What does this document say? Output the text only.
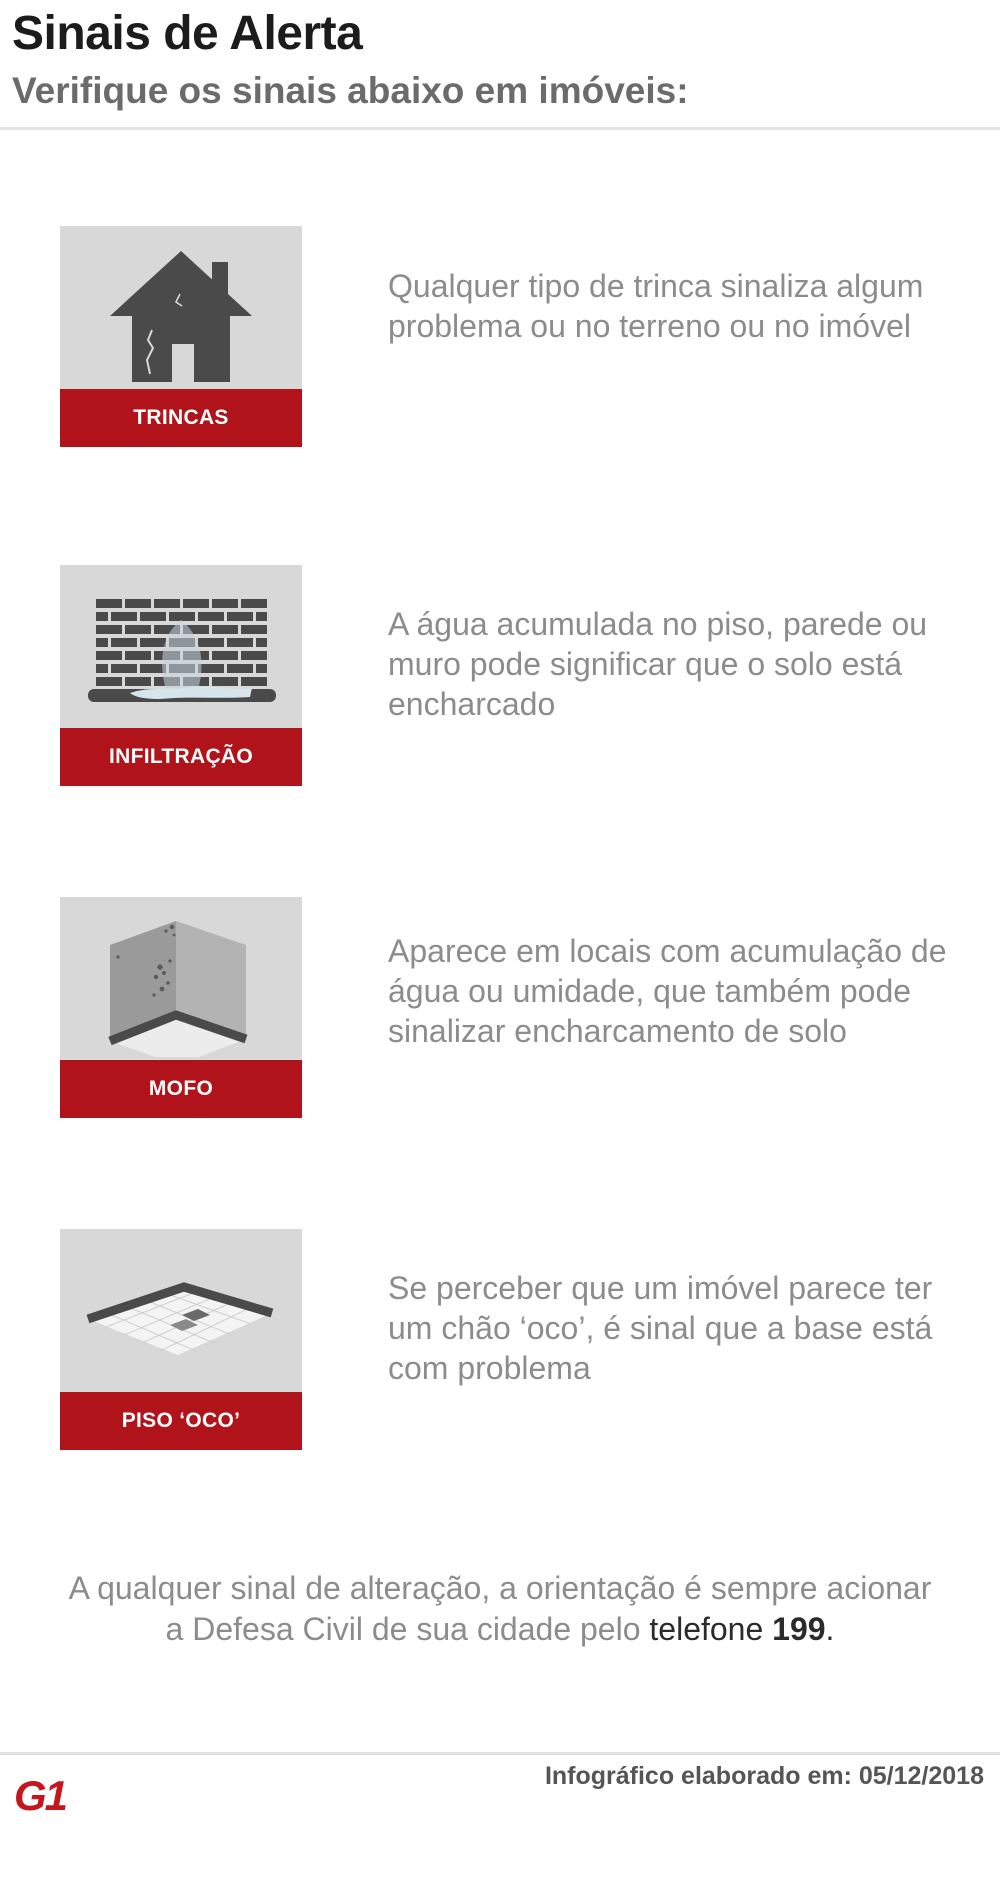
Sinais de Alerta
Verifique os sinais abaixo em imóveis:
TRINCAS

Qualquer tipo de trinca sinaliza algum problema ou no terreno ou no imóvel

INFILTRAÇÃO

A água acumulada no piso, parede ou muro pode significar que o solo está encharcado

MOFO

Aparece em locais com acumulação de água ou umidade, que também pode sinalizar encharcamento de solo

PISO ‘OCO’

Se perceber que um imóvel parece ter um chão ‘oco’, é sinal que a base está com problema

A qualquer sinal de alteração, a orientação é sempre acionar a Defesa Civil de sua cidade pelo telefone 199.

G1	Infográfico elaborado em: 05/12/2018
